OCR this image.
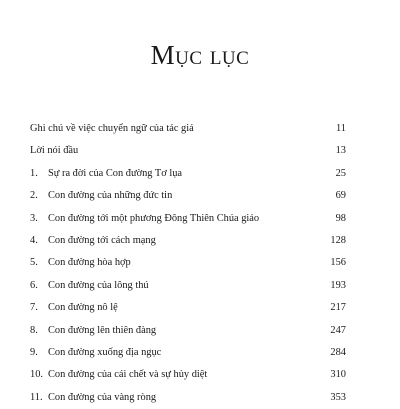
Mục lục
Ghi chú về việc chuyển ngữ của tác giả	11
Lời nói đầu	13
1. Sự ra đời của Con đường Tơ lụa	25
2. Con đường của những đức tin	69
3. Con đường tới một phương Đông Thiên Chúa giáo	98
4. Con đường tới cách mạng	128
5. Con đường hòa hợp	156
6. Con đường của lông thú	193
7. Con đường nô lệ	217
8. Con đường lên thiên đàng	247
9. Con đường xuống địa ngục	284
10. Con đường của cái chết và sự hủy diệt	310
11. Con đường của vàng ròng	353
